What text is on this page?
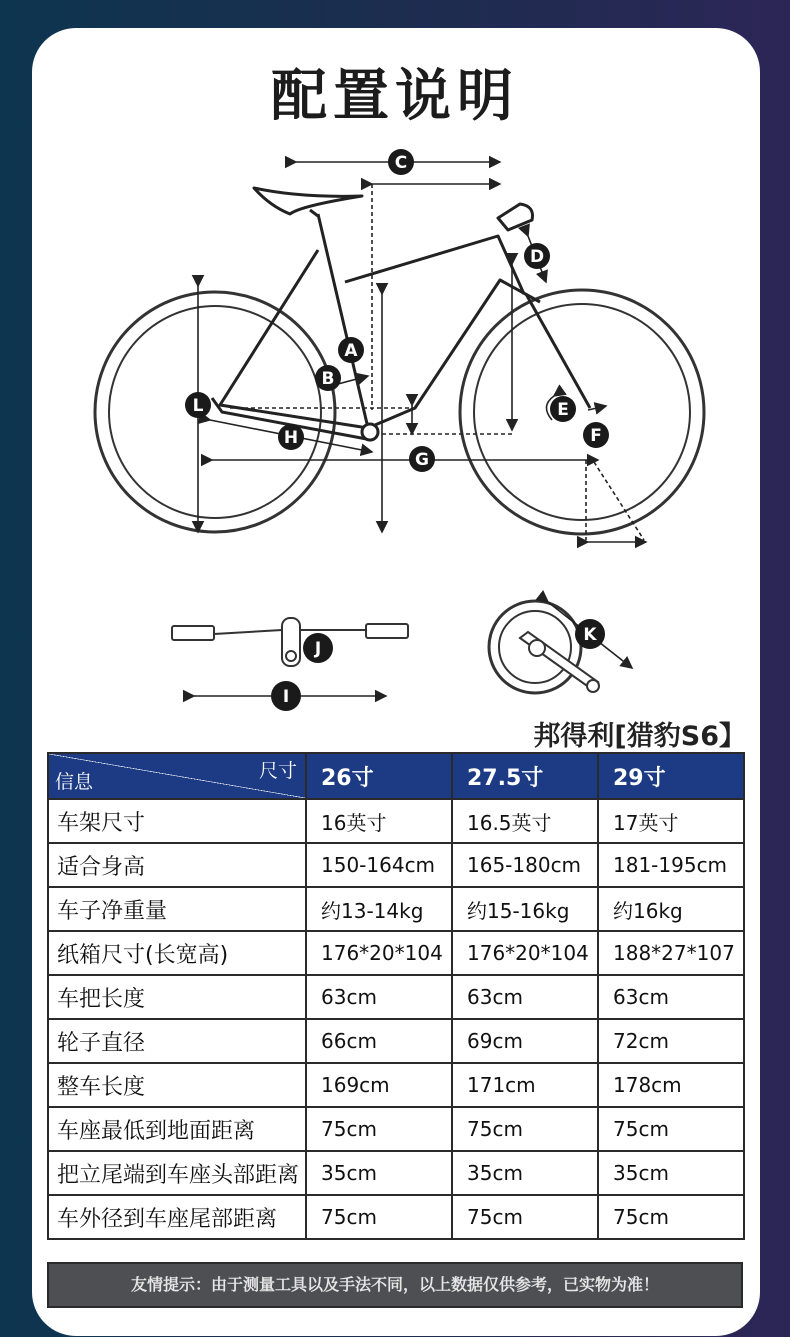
配置说明
A
B
C
D
E
F
G
H
I
J
K
L
邦得利[猎豹S6】
尺寸
信息	26寸	27.5寸	29寸
车架尺寸	16英寸	16.5英寸	17英寸
适合身高	150-164cm	165-180cm	181-195cm
车子净重量	约13-14kg	约15-16kg	约16kg
纸箱尺寸(长宽高)	176*20*104	176*20*104	188*27*107
车把长度	63cm	63cm	63cm
轮子直径	66cm	69cm	72cm
整车长度	169cm	171cm	178cm
车座最低到地面距离	75cm	75cm	75cm
把立尾端到车座头部距离	35cm	35cm	35cm
车外径到车座尾部距离	75cm	75cm	75cm
友情提示：由于测量工具以及手法不同，以上数据仅供参考，已实物为准！
